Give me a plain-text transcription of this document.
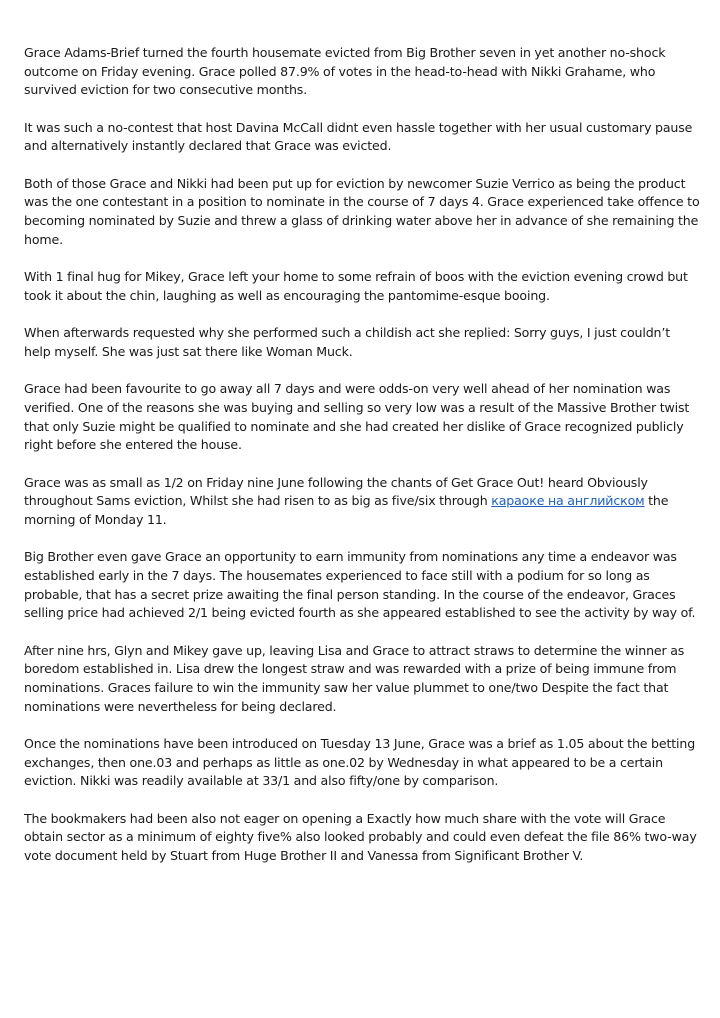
Grace Adams-Brief turned the fourth housemate evicted from Big Brother seven in yet another no-shock outcome on Friday evening. Grace polled 87.9% of votes in the head-to-head with Nikki Grahame, who survived eviction for two consecutive months.

It was such a no-contest that host Davina McCall didnt even hassle together with her usual customary pause and alternatively instantly declared that Grace was evicted.

Both of those Grace and Nikki had been put up for eviction by newcomer Suzie Verrico as being the product was the one contestant in a position to nominate in the course of 7 days 4. Grace experienced take offence to becoming nominated by Suzie and threw a glass of drinking water above her in advance of she remaining the home.

With 1 final hug for Mikey, Grace left your home to some refrain of boos with the eviction evening crowd but took it about the chin, laughing as well as encouraging the pantomime-esque booing.

When afterwards requested why she performed such a childish act she replied: Sorry guys, I just couldn’t help myself. She was just sat there like Woman Muck.

Grace had been favourite to go away all 7 days and were odds-on very well ahead of her nomination was verified. One of the reasons she was buying and selling so very low was a result of the Massive Brother twist that only Suzie might be qualified to nominate and she had created her dislike of Grace recognized publicly right before she entered the house.

Grace was as small as 1/2 on Friday nine June following the chants of Get Grace Out! heard Obviously throughout Sams eviction, Whilst she had risen to as big as five/six through караоке на английском the morning of Monday 11.

Big Brother even gave Grace an opportunity to earn immunity from nominations any time a endeavor was established early in the 7 days. The housemates experienced to face still with a podium for so long as probable, that has a secret prize awaiting the final person standing. In the course of the endeavor, Graces selling price had achieved 2/1 being evicted fourth as she appeared established to see the activity by way of.

After nine hrs, Glyn and Mikey gave up, leaving Lisa and Grace to attract straws to determine the winner as boredom established in. Lisa drew the longest straw and was rewarded with a prize of being immune from nominations. Graces failure to win the immunity saw her value plummet to one/two Despite the fact that nominations were nevertheless for being declared.

Once the nominations have been introduced on Tuesday 13 June, Grace was a brief as 1.05 about the betting exchanges, then one.03 and perhaps as little as one.02 by Wednesday in what appeared to be a certain eviction. Nikki was readily available at 33/1 and also fifty/one by comparison.

The bookmakers had been also not eager on opening a Exactly how much share with the vote will Grace obtain sector as a minimum of eighty five% also looked probably and could even defeat the file 86% two-way vote document held by Stuart from Huge Brother II and Vanessa from Significant Brother V.
